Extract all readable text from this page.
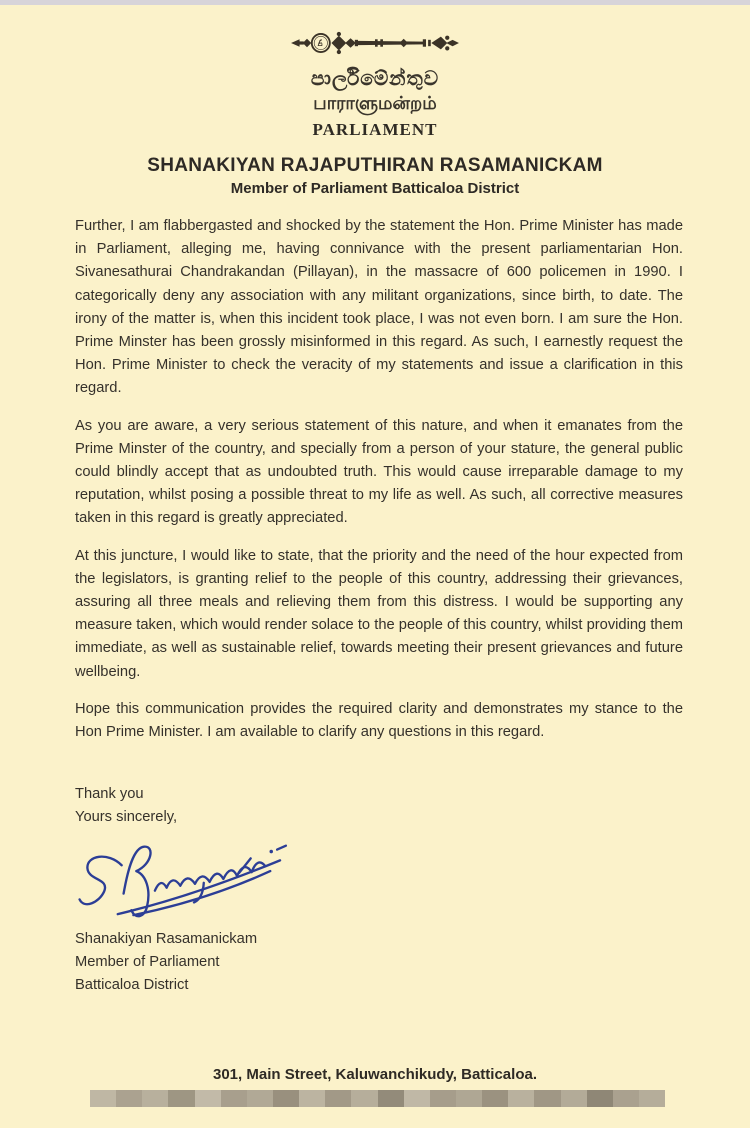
පාර්ලිමේන්තුව
பாராளுமன்றம்
PARLIAMENT
SHANAKIYAN RAJAPUTHIRAN RASAMANICKAM
Member of Parliament Batticaloa District

Further, I am flabbergasted and shocked by the statement the Hon. Prime Minister has made in Parliament, alleging me, having connivance with the present parliamentarian Hon. Sivanesathurai Chandrakandan (Pillayan), in the massacre of 600 policemen in 1990. I categorically deny any association with any militant organizations, since birth, to date. The irony of the matter is, when this incident took place, I was not even born. I am sure the Hon. Prime Minster has been grossly misinformed in this regard. As such, I earnestly request the Hon. Prime Minister to check the veracity of my statements and issue a clarification in this regard.

As you are aware, a very serious statement of this nature, and when it emanates from the Prime Minster of the country, and specially from a person of your stature, the general public could blindly accept that as undoubted truth. This would cause irreparable damage to my reputation, whilst posing a possible threat to my life as well. As such, all corrective measures taken in this regard is greatly appreciated.

At this juncture, I would like to state, that the priority and the need of the hour expected from the legislators, is granting relief to the people of this country, addressing their grievances, assuring all three meals and relieving them from this distress. I would be supporting any measure taken, which would render solace to the people of this country, whilst providing them immediate, as well as sustainable relief, towards meeting their present grievances and future wellbeing.

Hope this communication provides the required clarity and demonstrates my stance to the Hon Prime Minister. I am available to clarify any questions in this regard.

Thank you
Yours sincerely,
Shanakiyan Rasamanickam
Member of Parliament
Batticaloa District
301, Main Street, Kaluwanchikudy, Batticaloa.
